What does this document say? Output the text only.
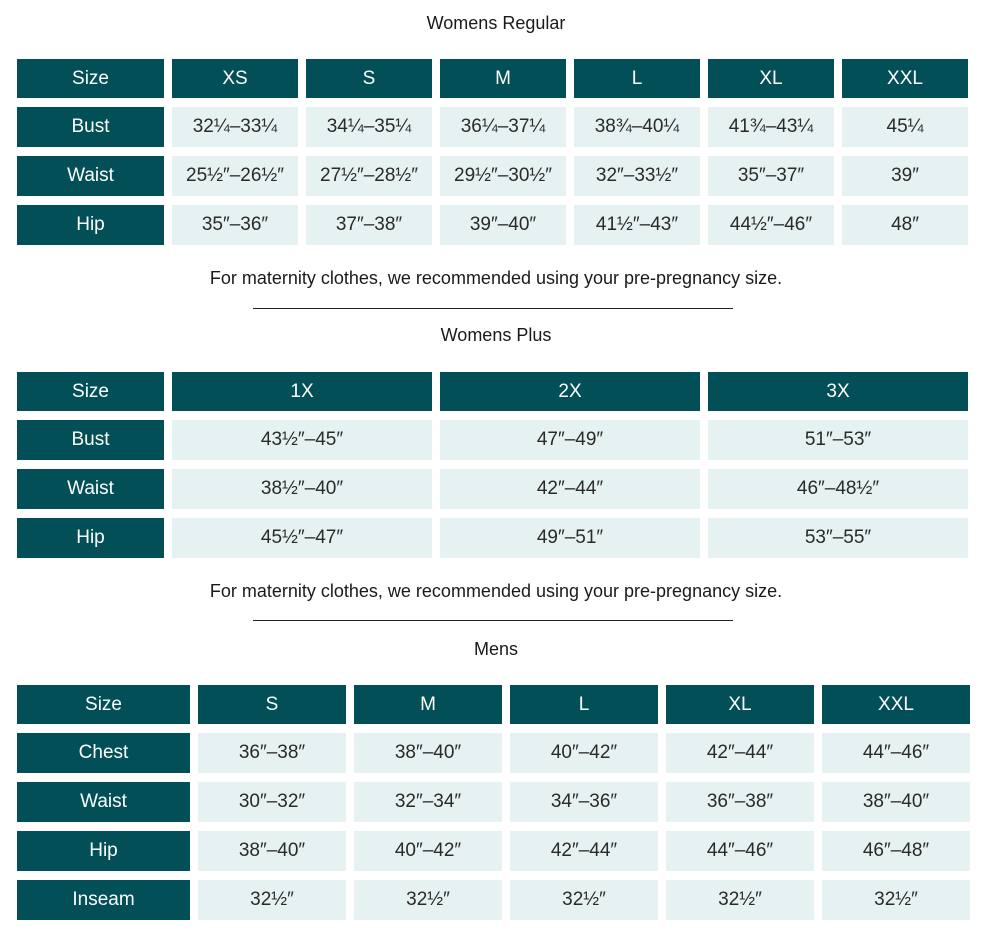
Womens Regular
Size	XS	S	M	L	XL	XXL
Bust	32¼–33¼	34¼–35¼	36¼–37¼	38¾–40¼	41¾–43¼	45¼
Waist	25½″–26½″	27½″–28½″	29½″–30½″	32″–33½″	35″–37″	39″
Hip	35″–36″	37″–38″	39″–40″	41½″–43″	44½″–46″	48″
For maternity clothes, we recommended using your pre-pregnancy size.
Womens Plus
Size	1X	2X	3X
Bust	43½″–45″	47″–49″	51″–53″
Waist	38½″–40″	42″–44″	46″–48½″
Hip	45½″–47″	49″–51″	53″–55″
For maternity clothes, we recommended using your pre-pregnancy size.
Mens
Size	S	M	L	XL	XXL
Chest	36″–38″	38″–40″	40″–42″	42″–44″	44″–46″
Waist	30″–32″	32″–34″	34″–36″	36″–38″	38″–40″
Hip	38″–40″	40″–42″	42″–44″	44″–46″	46″–48″
Inseam	32½″	32½″	32½″	32½″	32½″
